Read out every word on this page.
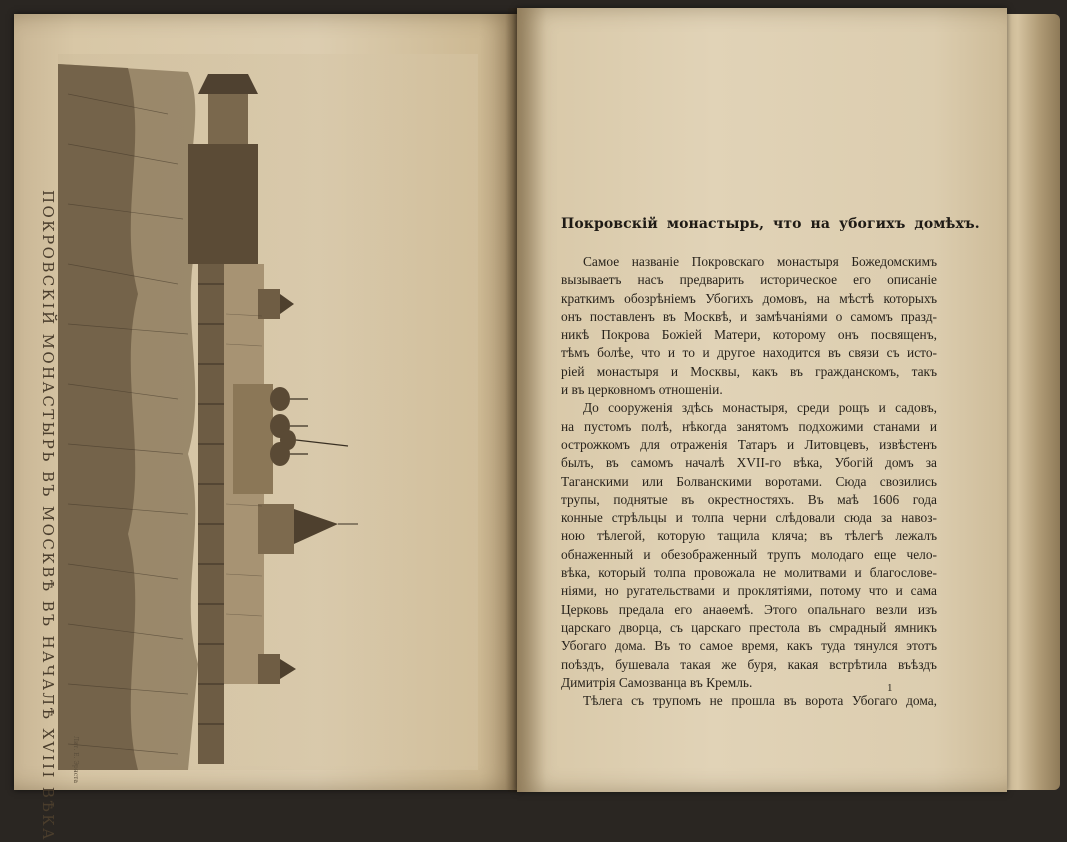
ПОКРОВСКІЙ МОНАСТЫРЬ ВЪ МОСКВѢ ВЪ НАЧАЛѢ XVIII ВѢКА	Лит. Е. Эрнста
Покровскій монастырь, что на убогихъ домѣхъ.
Самое названіе Покровскаго монастыря Божедомскимъ
вызываетъ насъ предварить историческое его описаніе
краткимъ обозрѣніемъ Убогихъ домовъ, на мѣстѣ которыхъ
онъ поставленъ въ Москвѣ, и замѣчаніями о самомъ празд-
никѣ Покрова Божіей Матери, которому онъ посвященъ,
тѣмъ болѣе, что и то и другое находится въ связи съ исто-
ріей монастыря и Москвы, какъ въ гражданскомъ, такъ
и въ церковномъ отношеніи.
До сооруженія здѣсь монастыря, среди рощъ и садовъ,
на пустомъ полѣ, нѣкогда занятомъ подхожими станами и
острожкомъ для отраженія Татаръ и Литовцевъ, извѣстенъ
былъ, въ самомъ началѣ XVII-го вѣка, Убогій домъ за
Таганскими или Болванскими воротами. Сюда свозились
трупы, поднятые въ окрестностяхъ. Въ маѣ 1606 года
конные стрѣльцы и толпа черни слѣдовали сюда за навоз-
ною тѣлегой, которую тащила кляча; въ тѣлегѣ лежалъ
обнаженный и обезображенный трупъ молодаго еще чело-
вѣка, который толпа провожала не молитвами и благослове-
ніями, но ругательствами и проклятіями, потому что и сама
Церковь предала его анаѳемѣ. Этого опальнаго везли изъ
царскаго дворца, съ царскаго престола въ смрадный ямникъ
Убогаго дома. Въ то самое время, какъ туда тянулся этотъ
поѣздъ, бушевала такая же буря, какая встрѣтила въѣздъ
Димитрія Самозванца въ Кремль.
Тѣлега съ трупомъ не прошла въ ворота Убогаго дома,
1
